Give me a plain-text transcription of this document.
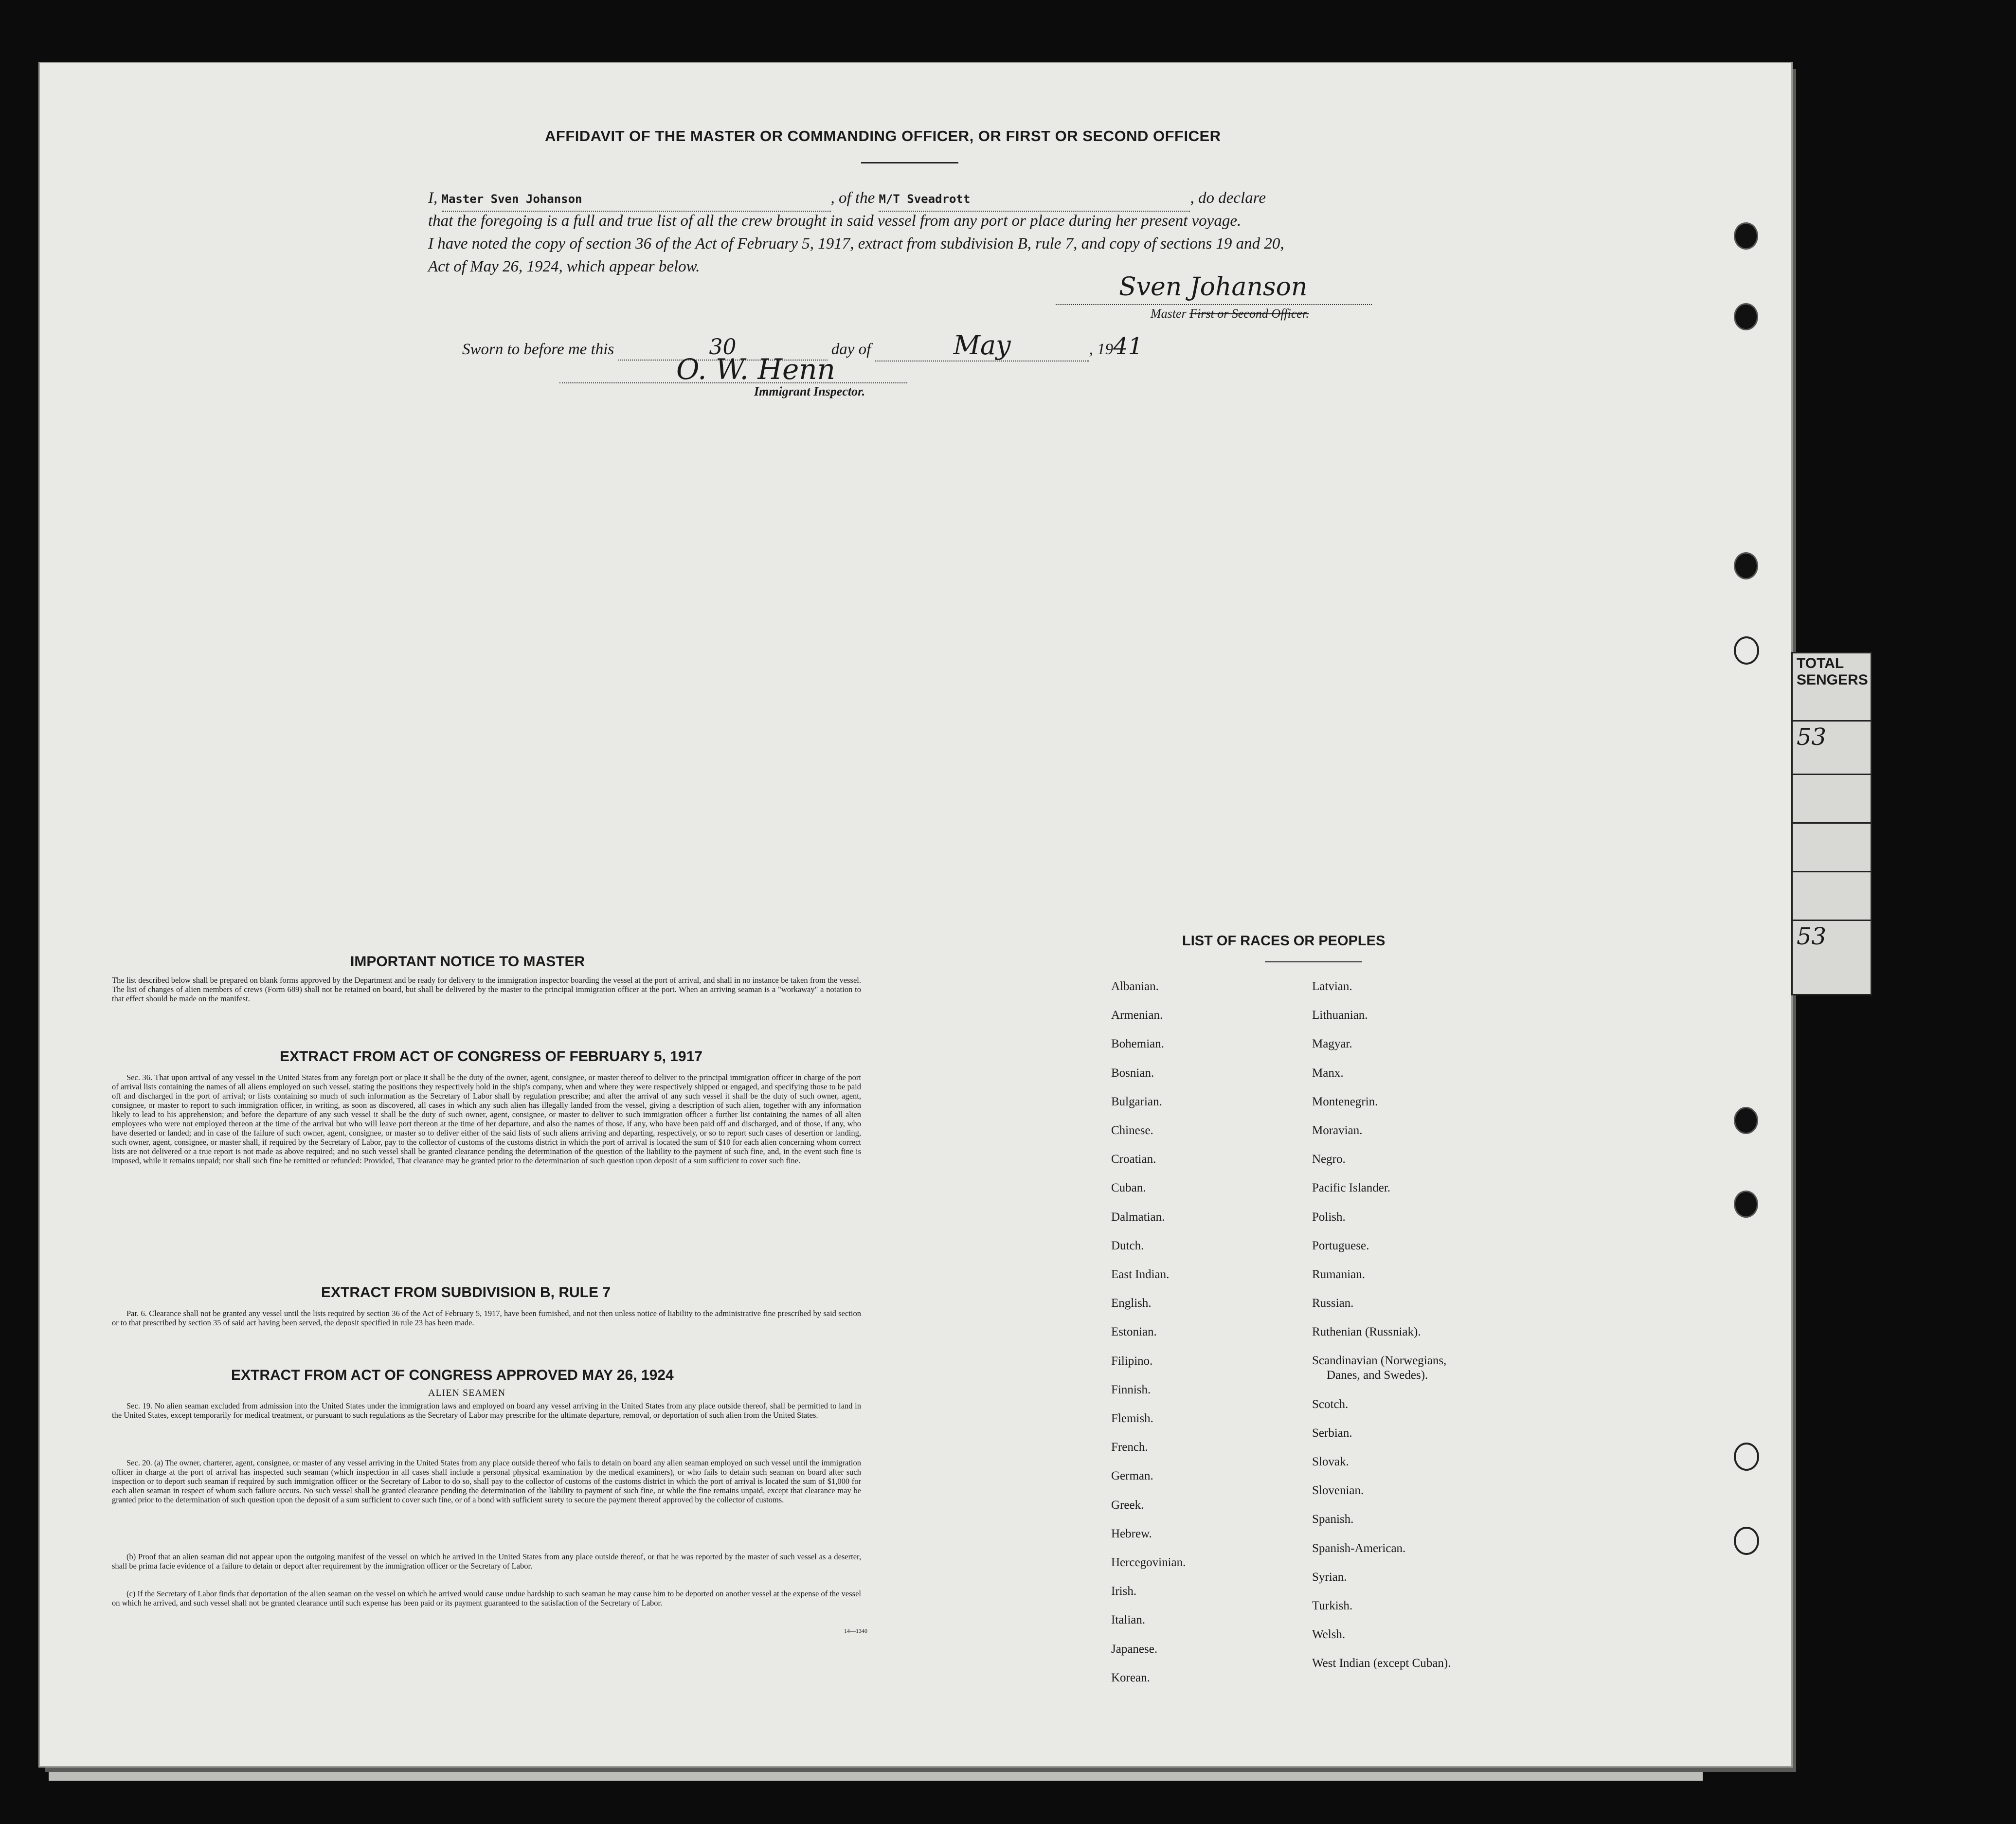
TOTAL
SENGERS
53
53
AFFIDAVIT OF THE MASTER OR COMMANDING OFFICER, OR FIRST OR SECOND OFFICER
I, Master Sven Johanson	, of the M/T Sveadrott	, do declare
that the foregoing is a full and true list of all the crew brought in said vessel from any port or place during her present voyage.
I have noted the copy of section 36 of the Act of February 5, 1917, extract from subdivision B, rule 7, and copy of sections 19 and 20,
Act of May 26, 1924, which appear below.
Sven Johanson
Master First or Second Officer.
Sworn to before me this	30	day of	May	, 1941
O. W. Henn
Immigrant Inspector.
IMPORTANT NOTICE TO MASTER
The list described below shall be prepared on blank forms approved by the Department and be ready for delivery to the immigration inspector boarding the vessel at the port of arrival, and shall in no instance be taken from the vessel. The list of changes of alien members of crews (Form 689) shall not be retained on board, but shall be delivered by the master to the principal immigration officer at the port. When an arriving seaman is a "workaway" a notation to that effect should be made on the manifest.
EXTRACT FROM ACT OF CONGRESS OF FEBRUARY 5, 1917
Sec. 36. That upon arrival of any vessel in the United States from any foreign port or place it shall be the duty of the owner, agent, consignee, or master thereof to deliver to the principal immigration officer in charge of the port of arrival lists containing the names of all aliens employed on such vessel, stating the positions they respectively hold in the ship's company, when and where they were respectively shipped or engaged, and specifying those to be paid off and discharged in the port of arrival; or lists containing so much of such information as the Secretary of Labor shall by regulation prescribe; and after the arrival of any such vessel it shall be the duty of such owner, agent, consignee, or master to report to such immigration officer, in writing, as soon as discovered, all cases in which any such alien has illegally landed from the vessel, giving a description of such alien, together with any information likely to lead to his apprehension; and before the departure of any such vessel it shall be the duty of such owner, agent, consignee, or master to deliver to such immigration officer a further list containing the names of all alien employees who were not employed thereon at the time of the arrival but who will leave port thereon at the time of her departure, and also the names of those, if any, who have been paid off and discharged, and of those, if any, who have deserted or landed; and in case of the failure of such owner, agent, consignee, or master so to deliver either of the said lists of such aliens arriving and departing, respectively, or so to report such cases of desertion or landing, such owner, agent, consignee, or master shall, if required by the Secretary of Labor, pay to the collector of customs of the customs district in which the port of arrival is located the sum of $10 for each alien concerning whom correct lists are not delivered or a true report is not made as above required; and no such vessel shall be granted clearance pending the determination of the question of the liability to the payment of such fine, and, in the event such fine is imposed, while it remains unpaid; nor shall such fine be remitted or refunded: Provided, That clearance may be granted prior to the determination of such question upon deposit of a sum sufficient to cover such fine.
EXTRACT FROM SUBDIVISION B, RULE 7
Par. 6. Clearance shall not be granted any vessel until the lists required by section 36 of the Act of February 5, 1917, have been furnished, and not then unless notice of liability to the administrative fine prescribed by said section or to that prescribed by section 35 of said act having been served, the deposit specified in rule 23 has been made.
EXTRACT FROM ACT OF CONGRESS APPROVED MAY 26, 1924
ALIEN SEAMEN
Sec. 19. No alien seaman excluded from admission into the United States under the immigration laws and employed on board any vessel arriving in the United States from any place outside thereof, shall be permitted to land in the United States, except temporarily for medical treatment, or pursuant to such regulations as the Secretary of Labor may prescribe for the ultimate departure, removal, or deportation of such alien from the United States.
Sec. 20. (a) The owner, charterer, agent, consignee, or master of any vessel arriving in the United States from any place outside thereof who fails to detain on board any alien seaman employed on such vessel until the immigration officer in charge at the port of arrival has inspected such seaman (which inspection in all cases shall include a personal physical examination by the medical examiners), or who fails to detain such seaman on board after such inspection or to deport such seaman if required by such immigration officer or the Secretary of Labor to do so, shall pay to the collector of customs of the customs district in which the port of arrival is located the sum of $1,000 for each alien seaman in respect of whom such failure occurs. No such vessel shall be granted clearance pending the determination of the liability to payment of such fine, or while the fine remains unpaid, except that clearance may be granted prior to the determination of such question upon the deposit of a sum sufficient to cover such fine, or of a bond with sufficient surety to secure the payment thereof approved by the collector of customs.
(b) Proof that an alien seaman did not appear upon the outgoing manifest of the vessel on which he arrived in the United States from any place outside thereof, or that he was reported by the master of such vessel as a deserter, shall be prima facie evidence of a failure to detain or deport after requirement by the immigration officer or the Secretary of Labor.
(c) If the Secretary of Labor finds that deportation of the alien seaman on the vessel on which he arrived would cause undue hardship to such seaman he may cause him to be deported on another vessel at the expense of the vessel on which he arrived, and such vessel shall not be granted clearance until such expense has been paid or its payment guaranteed to the satisfaction of the Secretary of Labor.
14—1340
LIST OF RACES OR PEOPLES
Albanian.
Armenian.
Bohemian.
Bosnian.
Bulgarian.
Chinese.
Croatian.
Cuban.
Dalmatian.
Dutch.
East Indian.
English.
Estonian.
Filipino.
Finnish.
Flemish.
French.
German.
Greek.
Hebrew.
Hercegovinian.
Irish.
Italian.
Japanese.
Korean.
Latvian.
Lithuanian.
Magyar.
Manx.
Montenegrin.
Moravian.
Negro.
Pacific Islander.
Polish.
Portuguese.
Rumanian.
Russian.
Ruthenian (Russniak).
Scandinavian (Norwegians,
Danes, and Swedes).
Scotch.
Serbian.
Slovak.
Slovenian.
Spanish.
Spanish-American.
Syrian.
Turkish.
Welsh.
West Indian (except Cuban).
